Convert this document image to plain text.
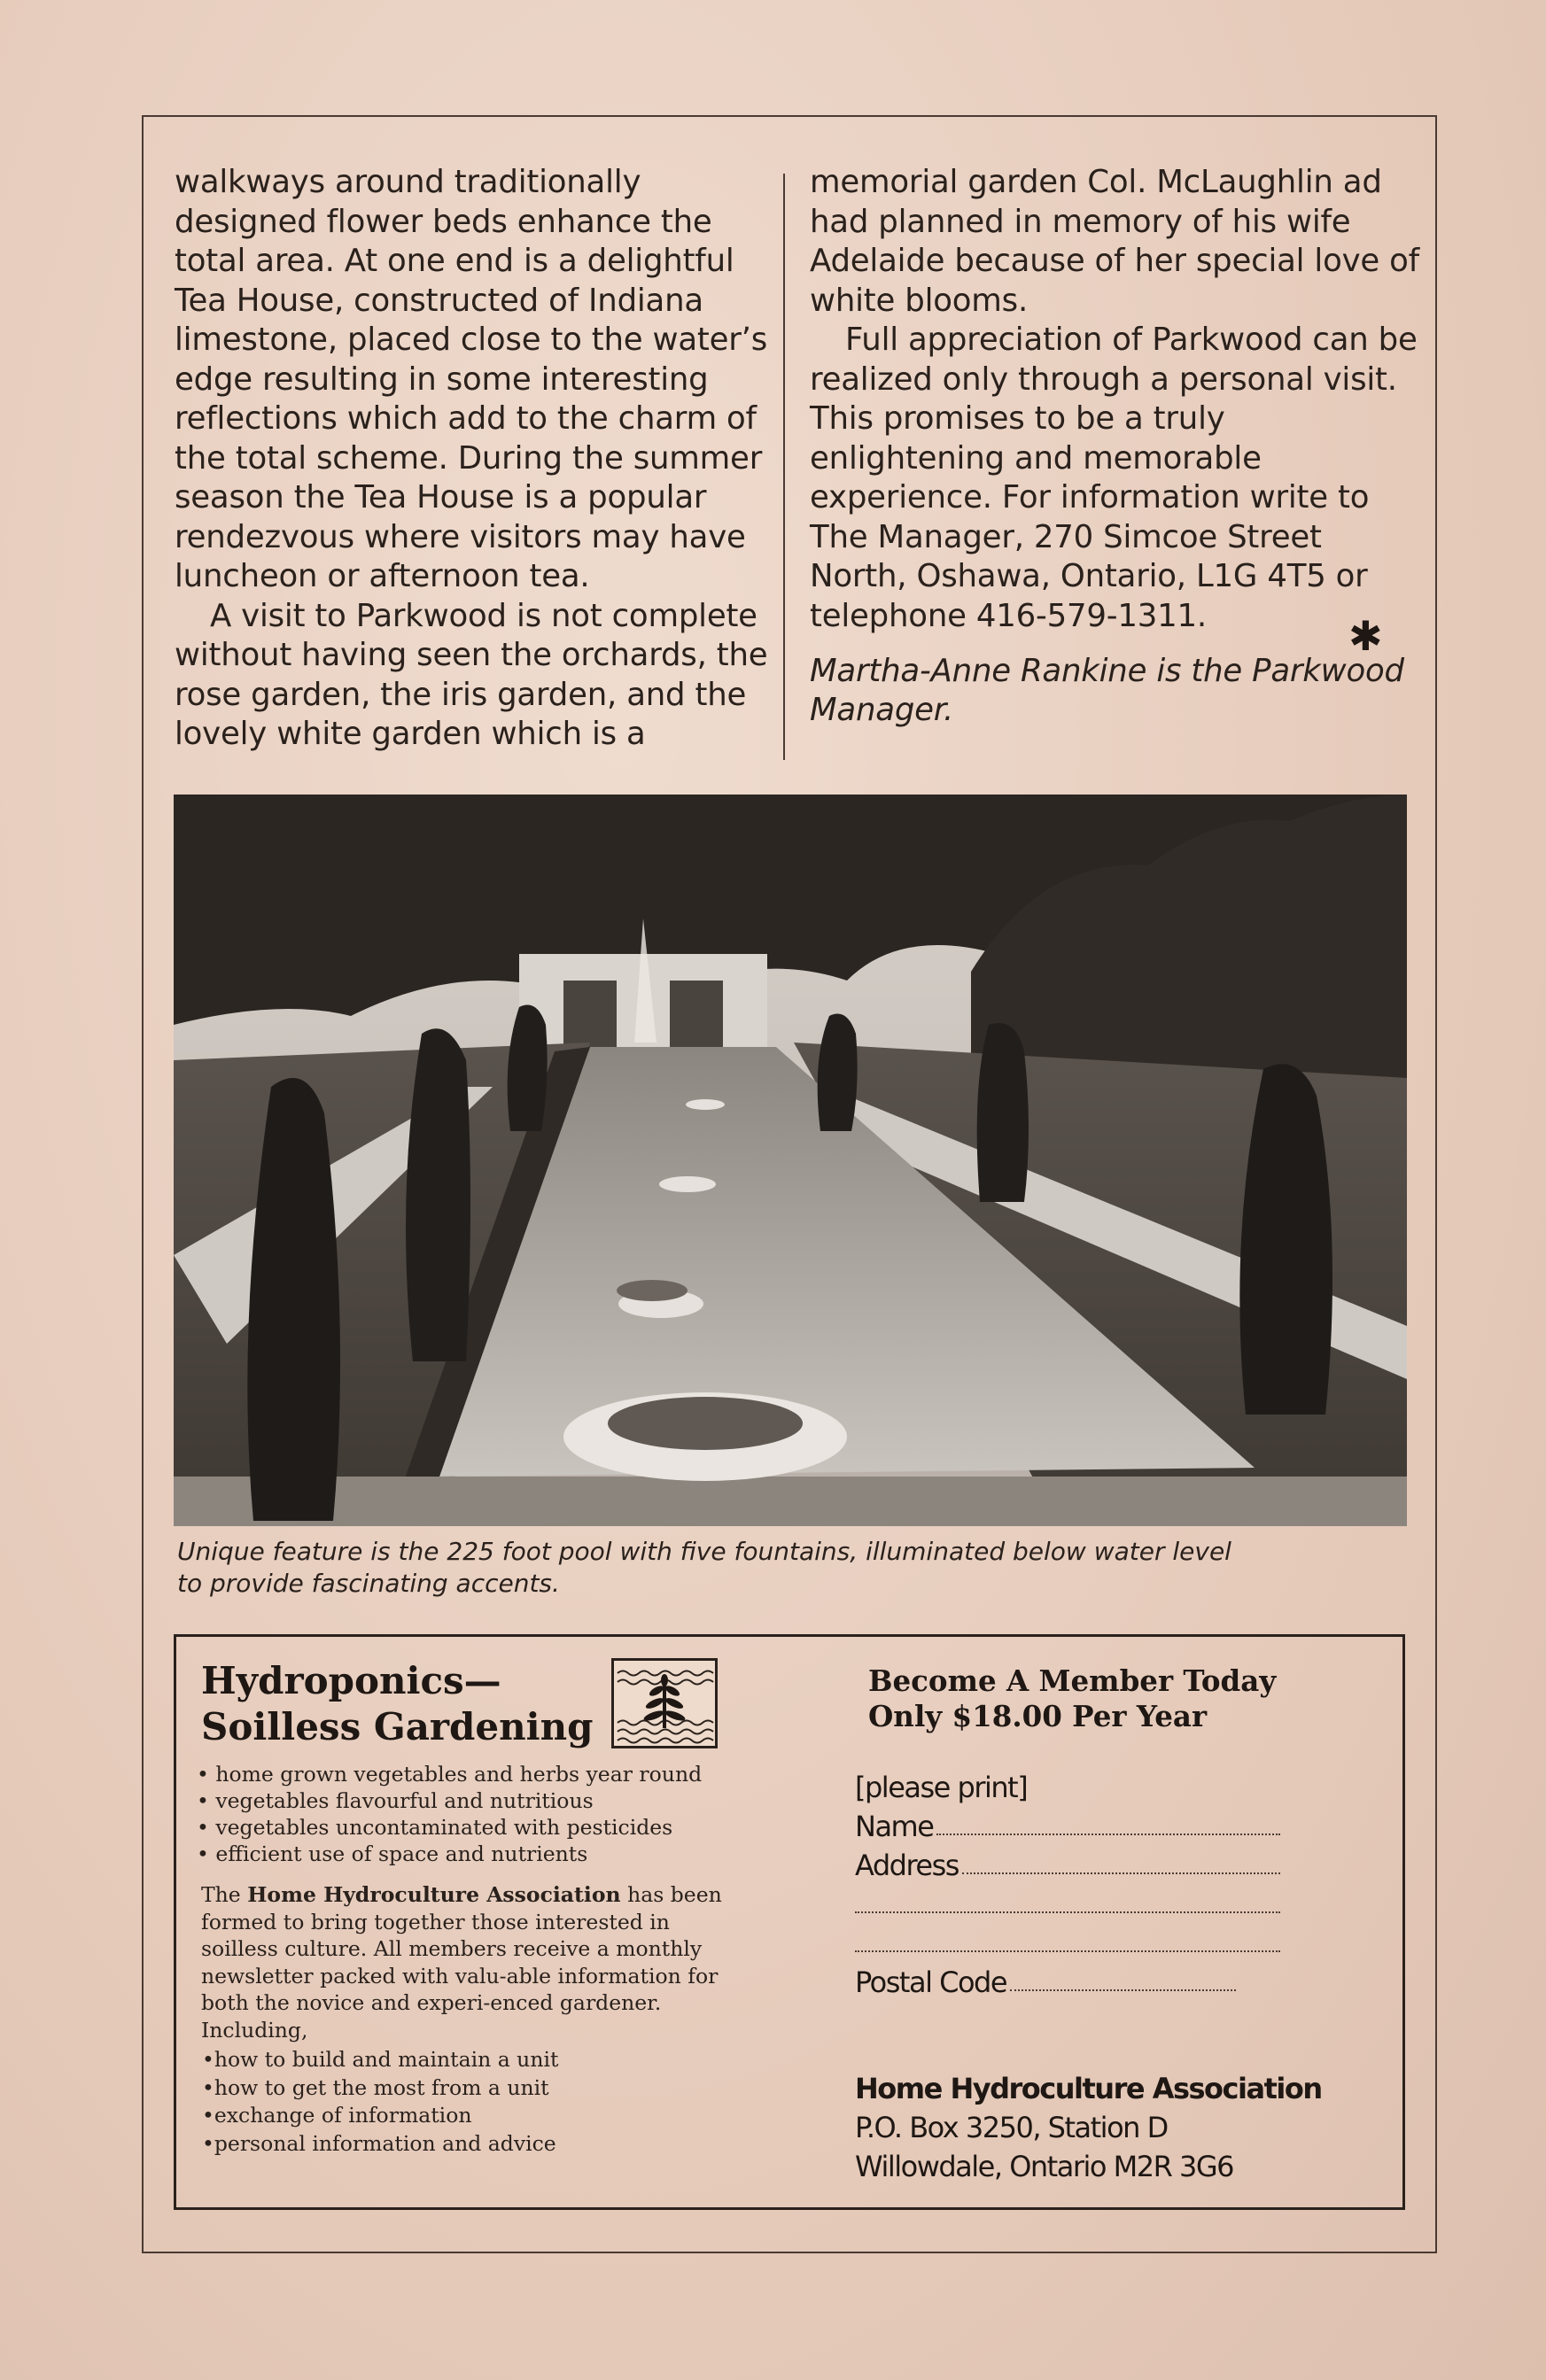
walkways around traditionally designed flower beds enhance the total area. At one end is a delightful Tea House, constructed of Indiana limestone, placed close to the water’s edge resulting in some interesting reflections which add to the charm of the total scheme. During the summer season the Tea House is a popular rendezvous where visitors may have luncheon or afternoon tea.

A visit to Parkwood is not complete without having seen the orchards, the rose garden, the iris garden, and the lovely white garden which is a

memorial garden Col. McLaughlin ad had planned in memory of his wife Adelaide because of her special love of white blooms.

Full appreciation of Parkwood can be realized only through a personal visit. This promises to be a truly enlightening and memorable experience. For information write to The Manager, 270 Simcoe Street North, Oshawa, Ontario, L1G 4T5 or telephone 416-579-1311.

Martha-Anne Rankine is the Parkwood Manager.

✱
Unique feature is the 225 foot pool with five fountains, illuminated below water level
to provide fascinating accents.
Hydroponics—
Soilless Gardening
• home grown vegetables and herbs year round
• vegetables flavourful and nutritious
• vegetables uncontaminated with pesticides
• efficient use of space and nutrients
The Home Hydroculture Association has been formed to bring together those interested in soilless culture. All members receive a monthly newsletter packed with valu-able information for both the novice and experi-enced gardener. Including,
• how to build and maintain a unit
• how to get the most from a unit
• exchange of information
• personal information and advice
Become A Member Today
Only $18.00 Per Year
[please print]
Name
Address
Postal Code
Home Hydroculture Association
P.O. Box 3250, Station D
Willowdale, Ontario M2R 3G6
